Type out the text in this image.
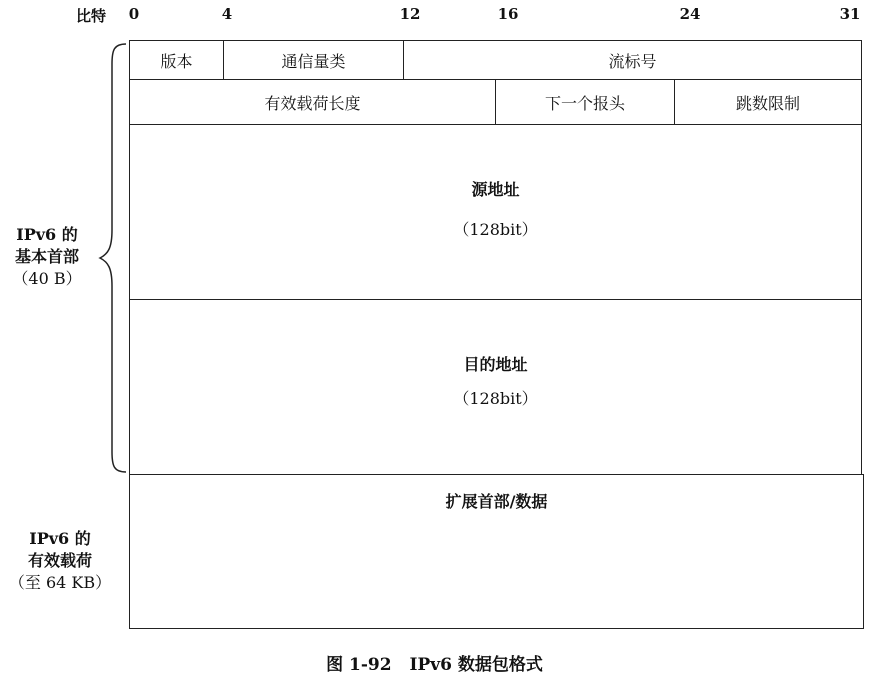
比特 0	4	12	16	24	31
版本	通信量类	流标号
有效载荷长度	下一个报头	跳数限制
源地址
（128bit）
目的地址
（128bit）
扩展首部/数据
IPv6 的
基本首部
（40 B）
IPv6 的
有效载荷
（至 64 KB）
图 1-92 IPv6 数据包格式
